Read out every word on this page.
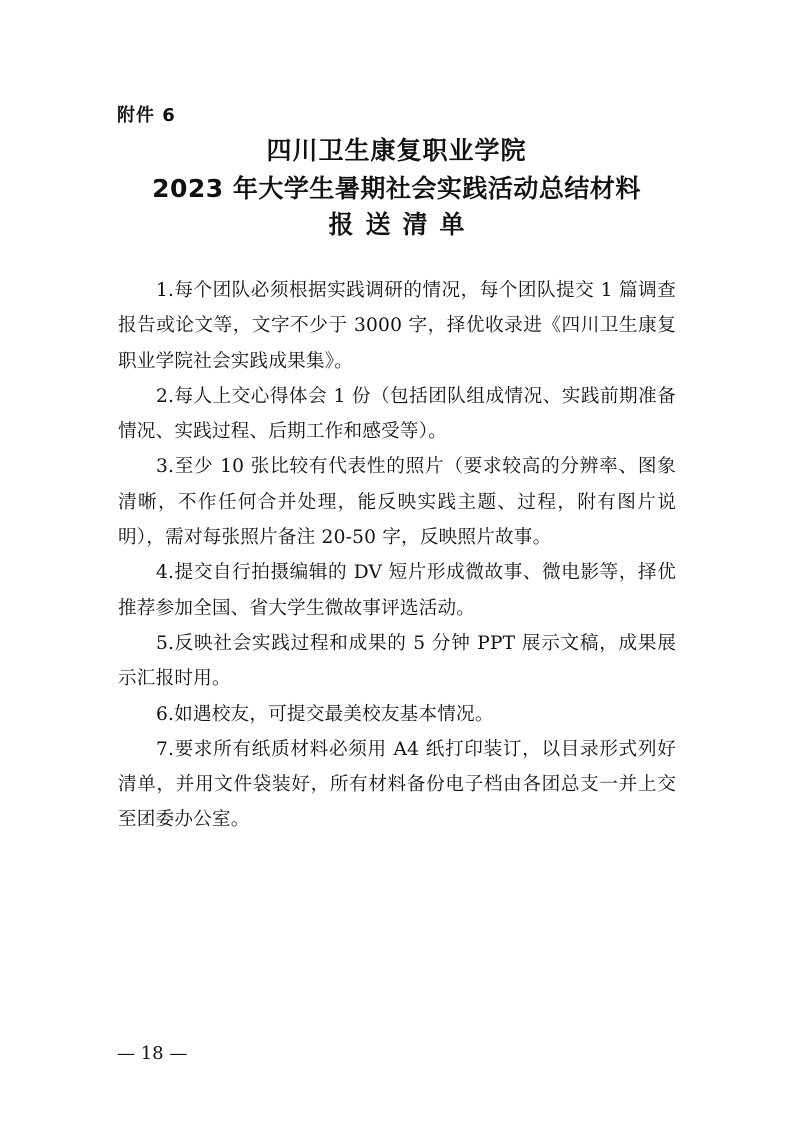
附件 6
四川卫生康复职业学院
2023 年大学生暑期社会实践活动总结材料
报送清单

1.每个团队必须根据实践调研的情况，每个团队提交 1 篇调查报告或论文等，文字不少于 3000 字，择优收录进《四川卫生康复职业学院社会实践成果集》。

2.每人上交心得体会 1 份（包括团队组成情况、实践前期准备情况、实践过程、后期工作和感受等）。

3.至少 10 张比较有代表性的照片（要求较高的分辨率、图象清晰，不作任何合并处理，能反映实践主题、过程，附有图片说明），需对每张照片备注 20-50 字，反映照片故事。

4.提交自行拍摄编辑的 DV 短片形成微故事、微电影等，择优推荐参加全国、省大学生微故事评选活动。

5.反映社会实践过程和成果的 5 分钟 PPT 展示文稿，成果展示汇报时用。

6.如遇校友，可提交最美校友基本情况。

7.要求所有纸质材料必须用 A4 纸打印装订，以目录形式列好清单，并用文件袋装好，所有材料备份电子档由各团总支一并上交至团委办公室。

— 18 —
